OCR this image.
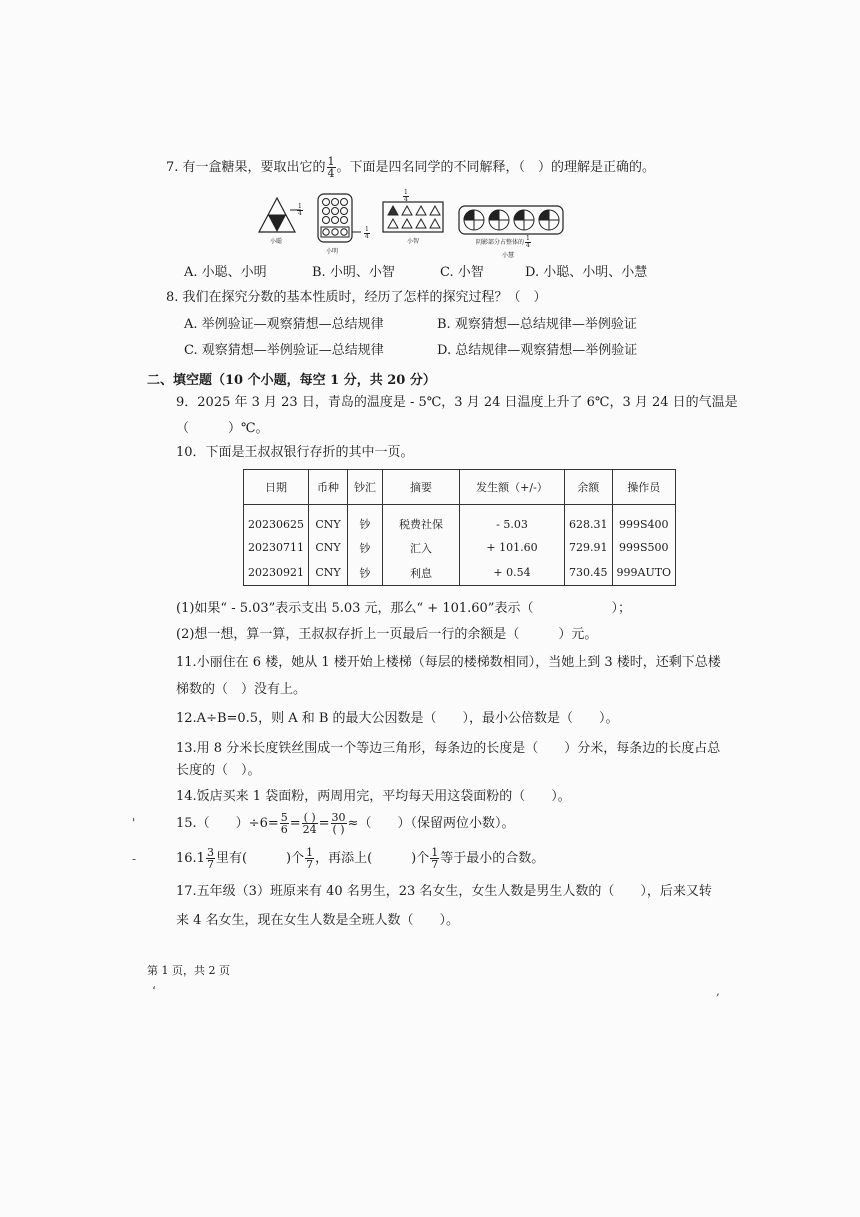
7. 有一盒糖果，要取出它的 $\frac{1}{4}$ 。下面是四名同学的不同解释，（　）的理解是正确的。
$\frac{1}{4}$
$\frac{1}{4}$
$\frac{1}{4}$
小聪
小明
小智	阴影部分占整体的 $\frac{1}{4}$
小慧
A. 小聪、小明	B. 小明、小智	C. 小智	D. 小聪、小明、小慧
8. 我们在探究分数的基本性质时，经历了怎样的探究过程？（　）
A. 举例验证—观察猜想—总结规律	B. 观察猜想—总结规律—举例验证
C. 观察猜想—举例验证—总结规律	D. 总结规律—观察猜想—举例验证
二、填空题（10 个小题，每空 1 分，共 20 分）
9．2025 年 3 月 23 日，青岛的温度是 - 5℃，3 月 24 日温度上升了 6℃，3 月 24 日的气温是
（　　　）℃。
10．下面是王叔叔银行存折的其中一页。
日期	币种	钞汇	摘要	发生额（+/-）	余额	操作员
20230625	CNY	钞	税费社保	- 5.03	628.31	999S400
20230711	CNY	钞	汇入	+ 101.60	729.91	999S500
20230921	CNY	钞	利息	+ 0.54	730.45	999AUTO
(1)如果“ - 5.03”表示支出 5.03 元，那么“ + 101.60”表示（　　　　　　）；
(2)想一想，算一算，王叔叔存折上一页最后一行的余额是（　　　）元。
11.小丽住在 6 楼，她从 1 楼开始上楼梯（每层的楼梯数相同），当她上到 3 楼时，还剩下总楼
梯数的（　）没有上。
12.A÷B=0.5，则 A 和 B 的最大公因数是（　　），最小公倍数是（　　）。
13.用 8 分米长度铁丝围成一个等边三角形，每条边的长度是（　　）分米，每条边的长度占总
长度的（　）。
14.饭店买来 1 袋面粉，两周用完，平均每天用这袋面粉的（　　）。
15.（　　）$\div 6= \frac{5}{6} = \frac{( )}{24} = \frac{30}{( )}$ ≈（　　）（保留两位小数）。
$16.1 \frac{3}{7}$ 里有(　　　)个 $\frac{1}{7}$ ，再添上(　　　)个 $\frac{1}{7}$ 等于最小的合数。
17.五年级（3）班原来有 40 名男生，23 名女生，女生人数是男生人数的（　　），后来又转
来 4 名女生，现在女生人数是全班人数（　　）。
第 1 页，共 2 页
'
-
‘	,
